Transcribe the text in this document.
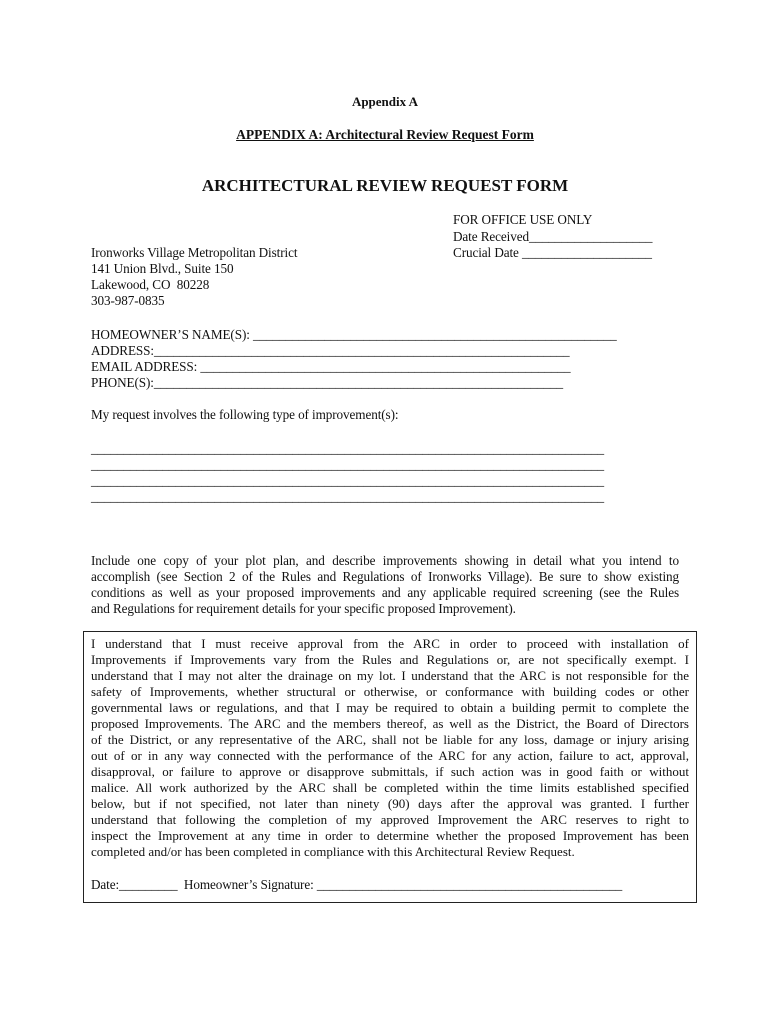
Appendix A
APPENDIX A: Architectural Review Request Form
ARCHITECTURAL REVIEW REQUEST FORM
FOR OFFICE USE ONLY
Date Received___________________
Crucial Date ____________________
Ironworks Village Metropolitan District
141 Union Blvd., Suite 150
Lakewood, CO  80228
303-987-0835
HOMEOWNER’S NAME(S): ________________________________________________________
ADDRESS:________________________________________________________________
EMAIL ADDRESS: _________________________________________________________
PHONE(S):_______________________________________________________________
My request involves the following type of improvement(s):
_______________________________________________________________________________
_______________________________________________________________________________
_______________________________________________________________________________
_______________________________________________________________________________
Include one copy of your plot plan, and describe improvements showing in detail what you intend to
accomplish (see Section 2 of the Rules and Regulations of Ironworks Village). Be sure to show existing
conditions as well as your proposed improvements and any applicable required screening (see the Rules
and Regulations for requirement details for your specific proposed Improvement).
I understand that I must receive approval from the ARC in order to proceed with installation of
Improvements if Improvements vary from the Rules and Regulations or, are not specifically exempt. I
understand that I may not alter the drainage on my lot. I understand that the ARC is not responsible for the
safety of Improvements, whether structural or otherwise, or conformance with building codes or other
governmental laws or regulations, and that I may be required to obtain a building permit to complete the
proposed Improvements. The ARC and the members thereof, as well as the District, the Board of Directors
of the District, or any representative of the ARC, shall not be liable for any loss, damage or injury arising
out of or in any way connected with the performance of the ARC for any action, failure to act, approval,
disapproval, or failure to approve or disapprove submittals, if such action was in good faith or without
malice. All work authorized by the ARC shall be completed within the time limits established specified
below, but if not specified, not later than ninety (90) days after the approval was granted. I further
understand that following the completion of my approved Improvement the ARC reserves to right to
inspect the Improvement at any time in order to determine whether the proposed Improvement has been
completed and/or has been completed in compliance with this Architectural Review Request.
Date:_________  Homeowner’s Signature: _______________________________________________
